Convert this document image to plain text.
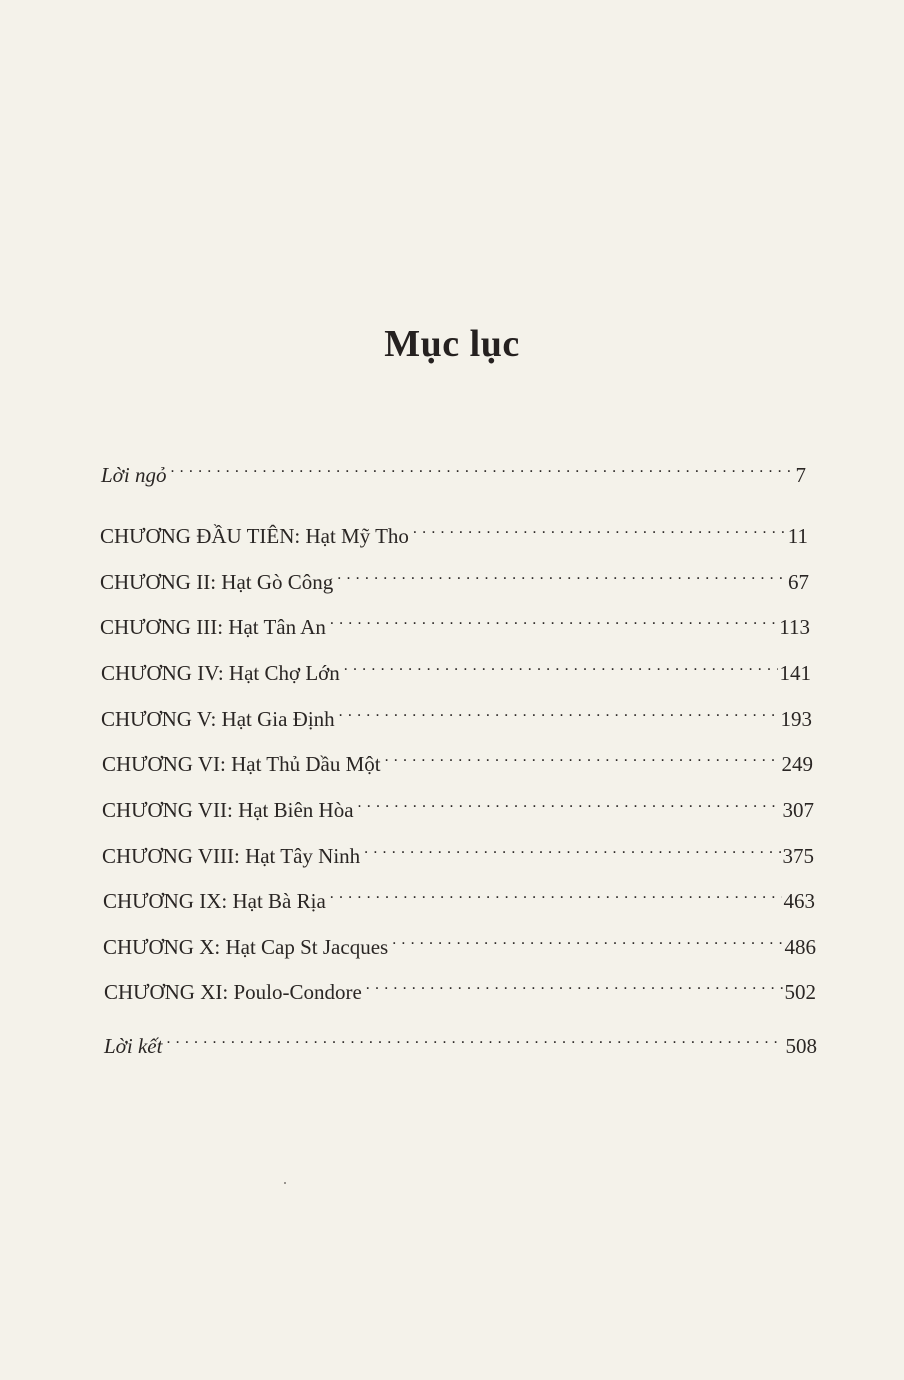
Mục lục
Lời ngỏ . . .	7
CHƯƠNG ĐẦU TIÊN: Hạt Mỹ Tho . . .	11
CHƯƠNG II: Hạt Gò Công . . .	67
CHƯƠNG III: Hạt Tân An . . .	113
CHƯƠNG IV: Hạt Chợ Lớn . . .	141
CHƯƠNG V: Hạt Gia Định . . .	193
CHƯƠNG VI: Hạt Thủ Dầu Một . . .	249
CHƯƠNG VII: Hạt Biên Hòa . . .	307
CHƯƠNG VIII: Hạt Tây Ninh . . .	375
CHƯƠNG IX: Hạt Bà Rịa . . .	463
CHƯƠNG X: Hạt Cap St Jacques . . .	486
CHƯƠNG XI: Poulo-Condore . . .	502
Lời kết . . .	508
